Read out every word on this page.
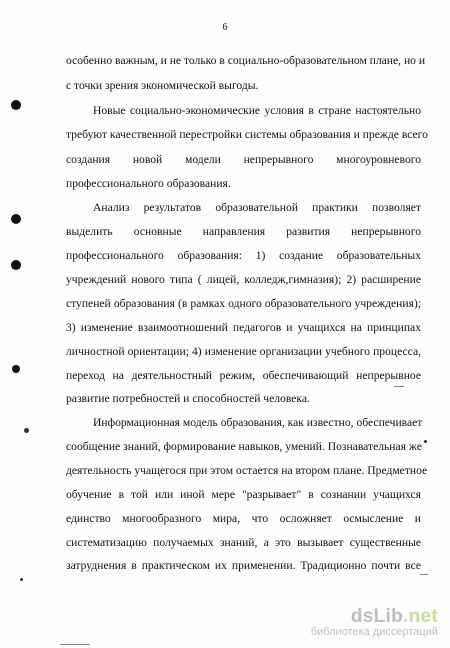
6
особенно важным, и не только в социально-образовательном плане, но и
с точки зрения экономической выгоды.
Новые социально-экономические условия в стране настоятельно
требуют качественной перестройки системы образования и прежде всего
создания новой модели непрерывного многоуровневого
профессионального образования.
Анализ результатов образовательной практики позволяет
выделить основные направления развития непрерывного
профессионального образования: 1) создание образовательных
учреждений нового типа ( лицей, колледж,гимназия); 2) расширение
ступеней образования (в рамках одного образовательного учреждения);
3) изменение взаимоотношений педагогов и учащихся на принципах
личностной ориентации; 4) изменение организации учебного процесса,
переход на деятельностный режим, обеспечивающий непрерывное
развитие потребностей и способностей человека.
Информационная модель образования, как известно, обеспечивает
сообщение знаний, формирование навыков, умений. Познавательная же
деятельность учащегося при этом остается на втором плане. Предметное
обучение в той или иной мере "разрывает" в сознании учащихся
единство многообразного мира, что осложняет осмысление и
систематизацию получаемых знаний, а это вызывает существенные
затруднения в практическом их применении. Традиционно почти все
dsLib.net
библиотека диссертаций
